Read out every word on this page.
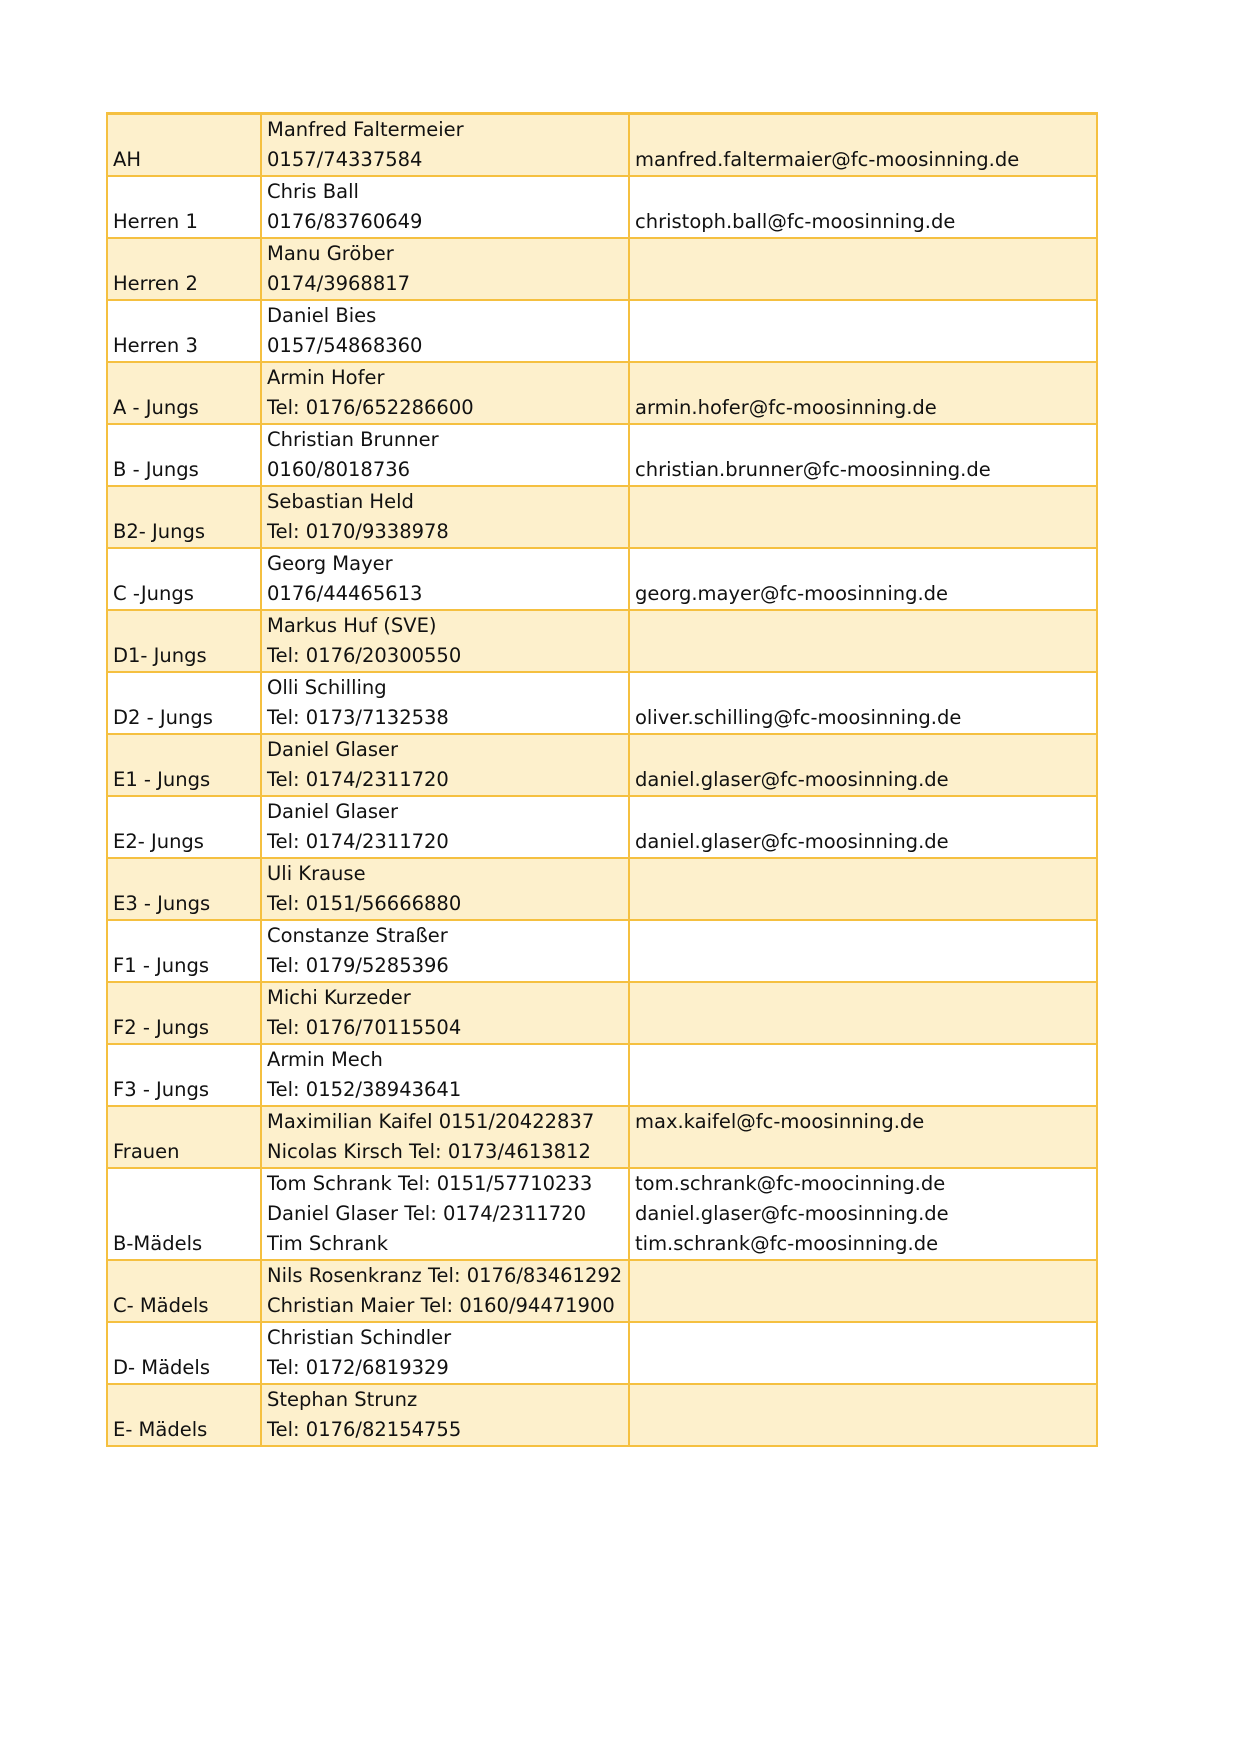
AH	Manfred Faltermeier
0157/74337584	manfred.faltermaier@fc-moosinning.de

Herren 1	Chris Ball
0176/83760649	christoph.ball@fc-moosinning.de

Herren 2	Manu Gröber
0174/3968817	

Herren 3	Daniel Bies
0157/54868360	

A - Jungs	Armin Hofer
Tel: 0176/652286600	armin.hofer@fc-moosinning.de

B - Jungs	Christian Brunner
0160/8018736	christian.brunner@fc-moosinning.de

B2- Jungs	Sebastian Held
Tel: 0170/9338978	

C -Jungs	Georg Mayer
0176/44465613	georg.mayer@fc-moosinning.de

D1- Jungs	Markus Huf (SVE)
Tel: 0176/20300550	

D2 - Jungs	Olli Schilling
Tel: 0173/7132538	oliver.schilling@fc-moosinning.de

E1 - Jungs	Daniel Glaser
Tel: 0174/2311720	daniel.glaser@fc-moosinning.de

E2- Jungs	Daniel Glaser
Tel: 0174/2311720	daniel.glaser@fc-moosinning.de

E3 - Jungs	Uli Krause
Tel: 0151/56666880	

F1 - Jungs	Constanze Straßer
Tel: 0179/5285396	

F2 - Jungs	Michi Kurzeder
Tel: 0176/70115504	

F3 - Jungs	Armin Mech
Tel: 0152/38943641	

Frauen	Maximilian Kaifel 0151/20422837
Nicolas Kirsch Tel: 0173/4613812	max.kaifel@fc-moosinning.de

B-Mädels	Tom Schrank Tel: 0151/57710233
Daniel Glaser Tel: 0174/2311720
Tim Schrank	tom.schrank@fc-moocinning.de
daniel.glaser@fc-moosinning.de
tim.schrank@fc-moosinning.de

C- Mädels	Nils Rosenkranz Tel: 0176/83461292
Christian Maier Tel: 0160/94471900	

D- Mädels	Christian Schindler
Tel: 0172/6819329	

E- Mädels	Stephan Strunz
Tel: 0176/82154755	
